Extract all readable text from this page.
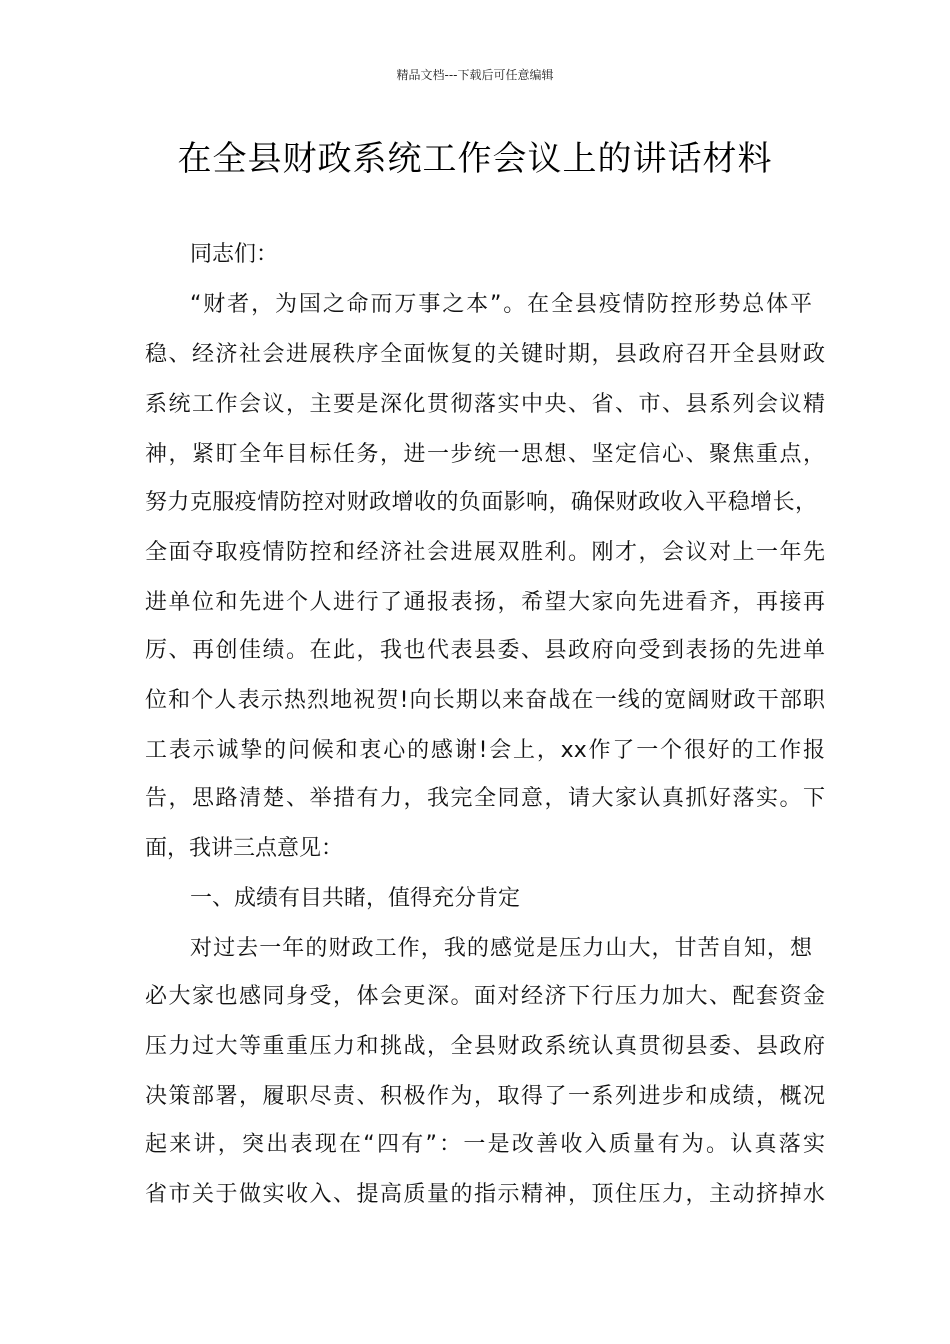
精品文档---下载后可任意编辑
在全县财政系统工作会议上的讲话材料
同志们：
“财者，为国之命而万事之本”。在全县疫情防控形势总体平
稳、经济社会进展秩序全面恢复的关键时期，县政府召开全县财政
系统工作会议，主要是深化贯彻落实中央、省、市、县系列会议精
神，紧盯全年目标任务，进一步统一思想、坚定信心、聚焦重点，
努力克服疫情防控对财政增收的负面影响，确保财政收入平稳增长，
全面夺取疫情防控和经济社会进展双胜利。刚才，会议对上一年先
进单位和先进个人进行了通报表扬，希望大家向先进看齐，再接再
厉、再创佳绩。在此，我也代表县委、县政府向受到表扬的先进单
位和个人表示热烈地祝贺!向长期以来奋战在一线的宽阔财政干部职
工表示诚挚的问候和衷心的感谢!会上，xx作了一个很好的工作报
告，思路清楚、举措有力，我完全同意，请大家认真抓好落实。下
面，我讲三点意见：
一、成绩有目共睹，值得充分肯定
对过去一年的财政工作，我的感觉是压力山大，甘苦自知，想
必大家也感同身受，体会更深。面对经济下行压力加大、配套资金
压力过大等重重压力和挑战，全县财政系统认真贯彻县委、县政府
决策部署，履职尽责、积极作为，取得了一系列进步和成绩，概况
起来讲，突出表现在“四有”：一是改善收入质量有为。认真落实
省市关于做实收入、提高质量的指示精神，顶住压力，主动挤掉水
